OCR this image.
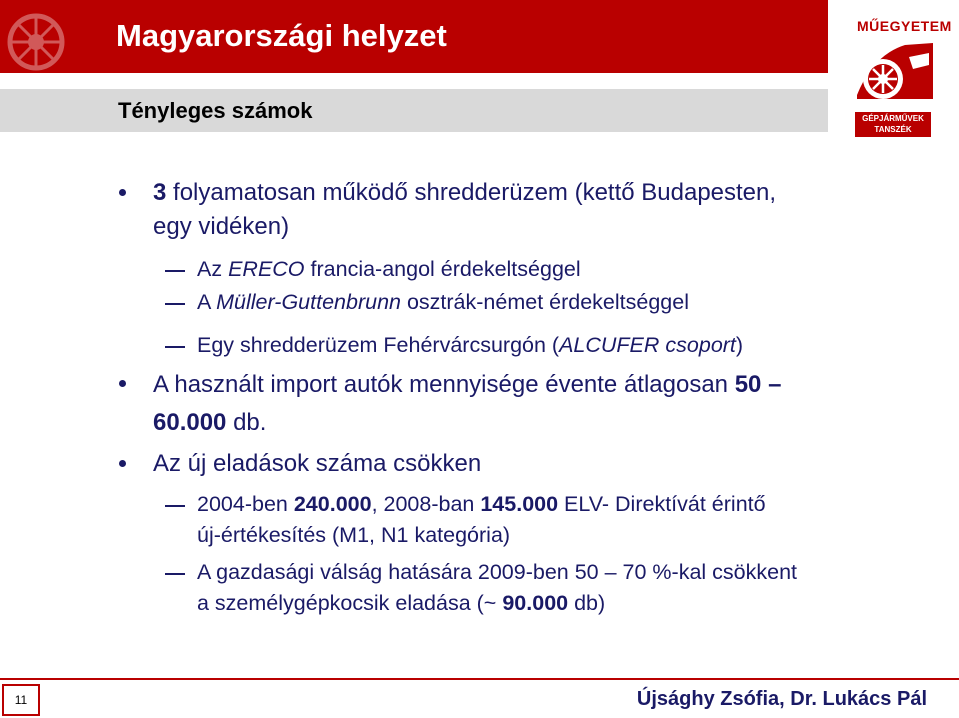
Magyarországi helyzet
Tényleges számok
MŰEGYETEM
GÉPJÁRMŰVEK
TANSZÉK
3 folyamatosan működő shredderüzem (kettő Budapesten,
egy vidéken)
Az ERECO francia-angol érdekeltséggel
A Müller-Guttenbrunn osztrák-német érdekeltséggel
Egy shredderüzem Fehérvárcsurgón (ALCUFER csoport)
A használt import autók mennyisége évente átlagosan 50 –
60.000 db.
Az új eladások száma csökken
2004-ben 240.000, 2008-ban 145.000 ELV- Direktívát érintő
új-értékesítés (M1, N1 kategória)
A gazdasági válság hatására 2009-ben 50 – 70 %-kal csökkent
a személygépkocsik eladása (~ 90.000 db)
11	Újsághy Zsófia, Dr. Lukács Pál
